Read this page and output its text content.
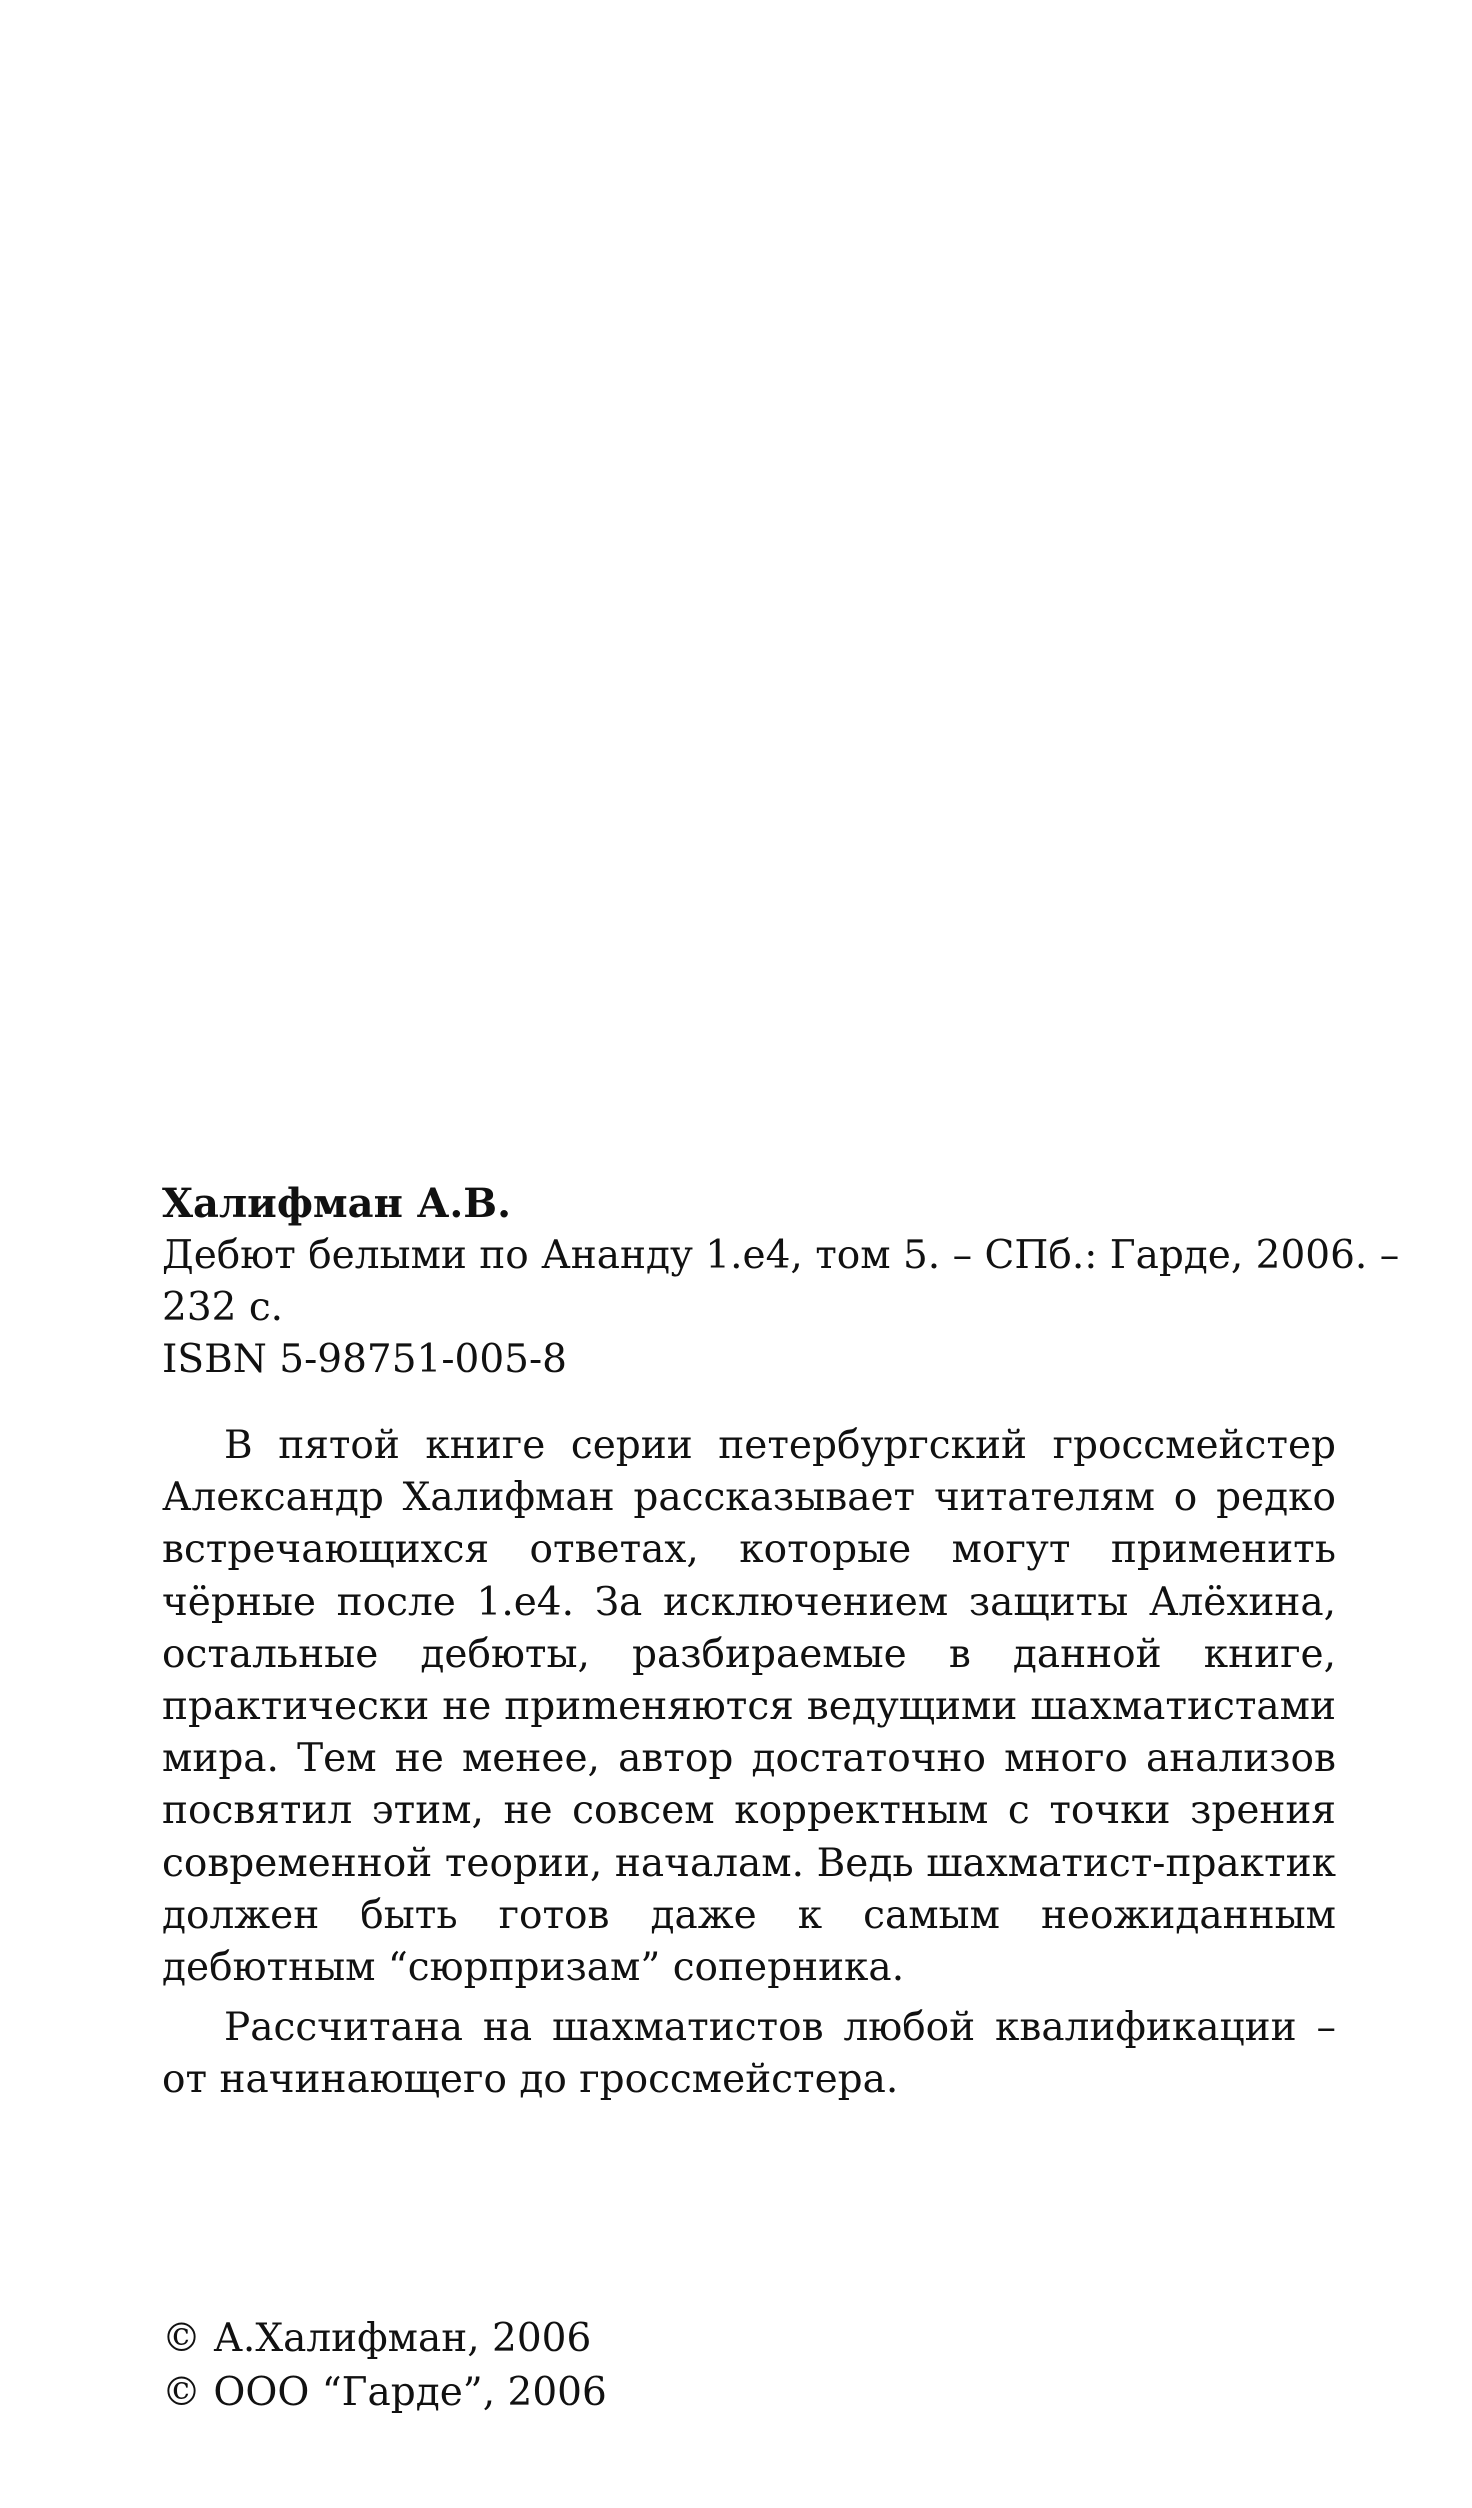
Халифман А.В.
Дебют белыми по Ананду 1.е4, том 5. – СПб.: Гарде, 2006. –
232 с.
ISBN 5-98751-005-8

В пятой книге серии петербургский гроссмейстер Александр Халифман рассказывает читателям о редко встречающихся ответах, которые могут применить чёрные после 1.е4. За исключением защиты Алёхина, остальные дебюты, разбираемые в данной книге, практически не приmеняются ведущими шахматистами мира. Тем не менее, автор достаточно много анализов посвятил этим, не совсем корректным с точки зрения современной теории, началам. Ведь шахматист-практик должен быть готов даже к самым неожиданным дебютным “сюрпризам” соперника.

Рассчитана на шахматистов любой квалификации – от начинающего до гроссмейстера.

© А.Халифман, 2006
© ООО “Гарде”, 2006
